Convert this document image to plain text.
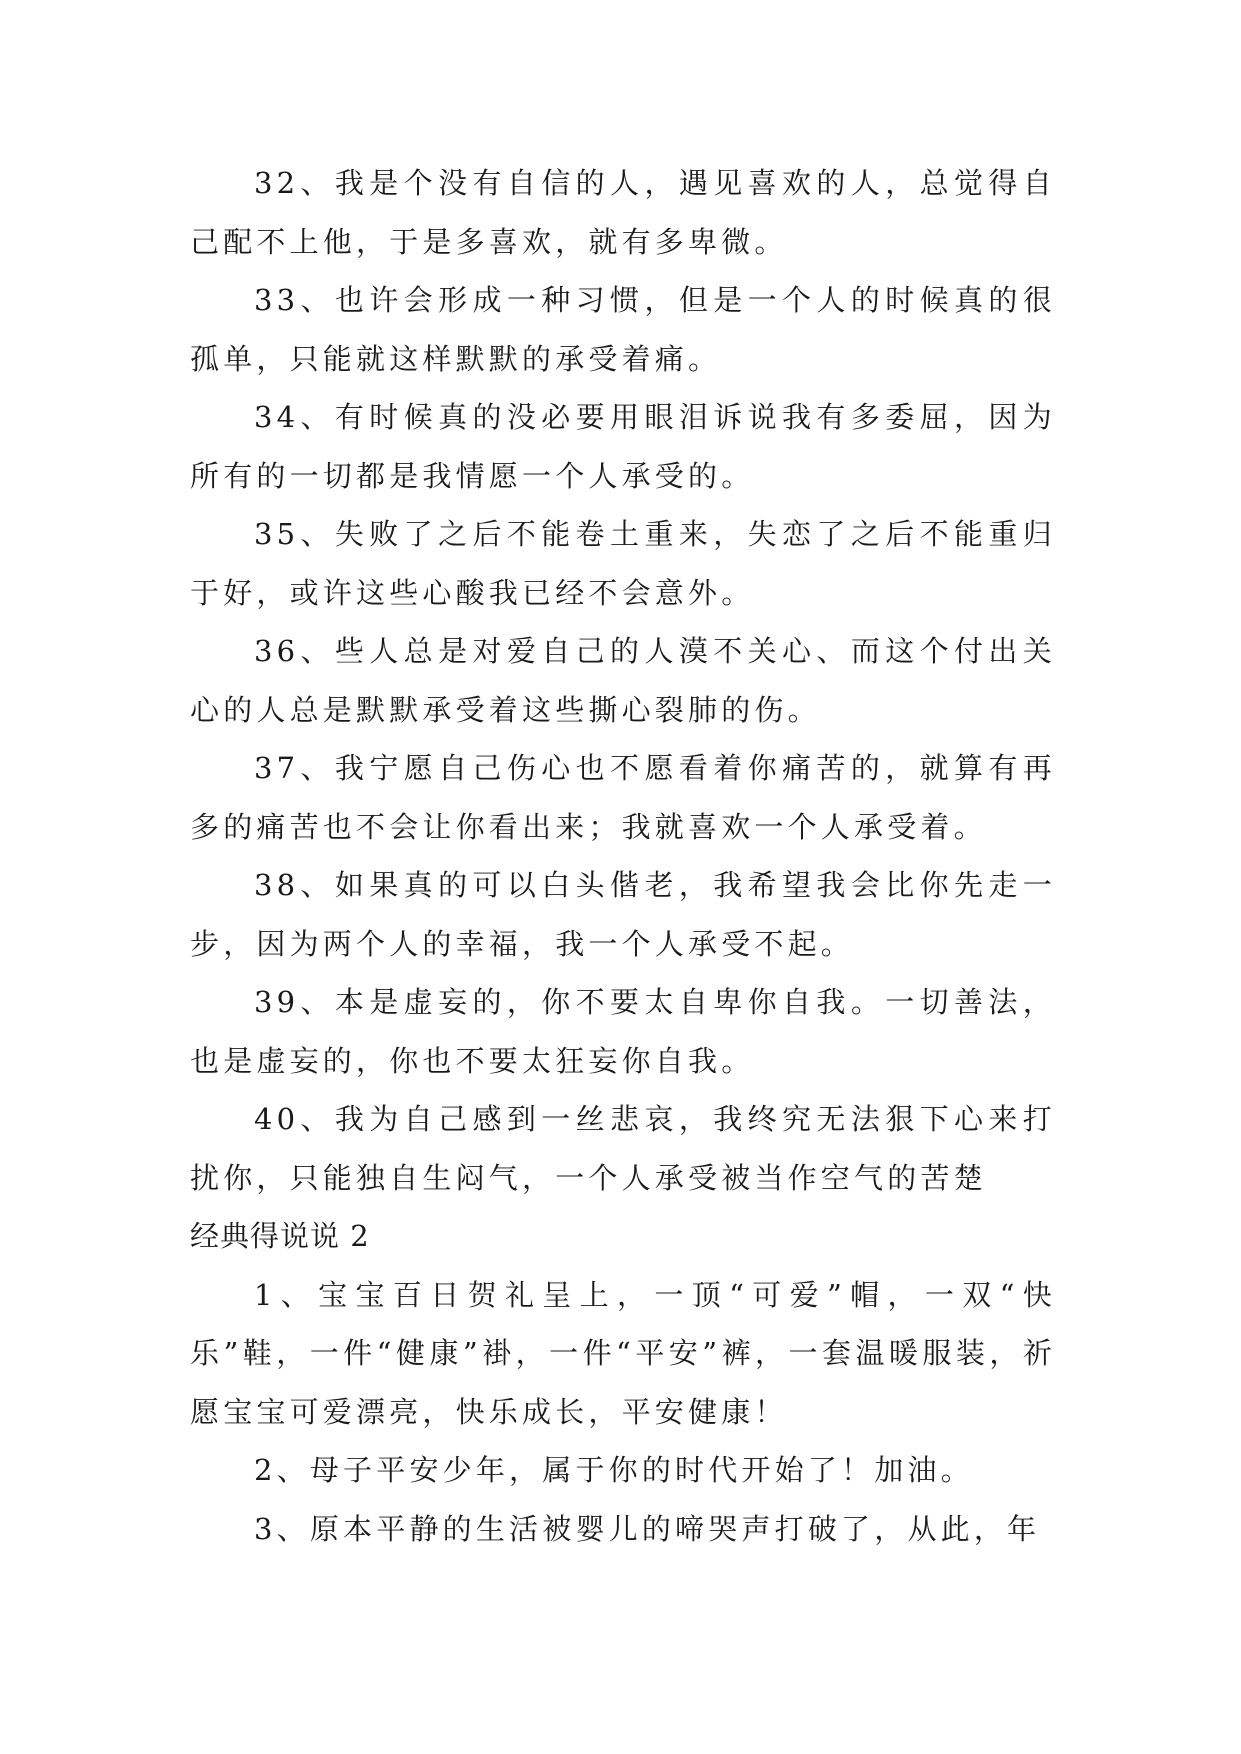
32、我是个没有自信的人，遇见喜欢的人，总觉得自己配不上他，于是多喜欢，就有多卑微。

33、也许会形成一种习惯，但是一个人的时候真的很孤单，只能就这样默默的承受着痛。

34、有时候真的没必要用眼泪诉说我有多委屈，因为所有的一切都是我情愿一个人承受的。

35、失败了之后不能卷土重来，失恋了之后不能重归于好，或许这些心酸我已经不会意外。

36、些人总是对爱自己的人漠不关心、而这个付出关心的人总是默默承受着这些撕心裂肺的伤。

37、我宁愿自己伤心也不愿看着你痛苦的，就算有再多的痛苦也不会让你看出来；我就喜欢一个人承受着。

38、如果真的可以白头偕老，我希望我会比你先走一步，因为两个人的幸福，我一个人承受不起。

39、本是虚妄的，你不要太自卑你自我。一切善法，也是虚妄的，你也不要太狂妄你自我。

40、我为自己感到一丝悲哀，我终究无法狠下心来打扰你，只能独自生闷气，一个人承受被当作空气的苦楚

经典得说说 2

1、宝宝百日贺礼呈上，一顶“可爱”帽，一双“快乐”鞋，一件“健康”褂，一件“平安”裤，一套温暖服装，祈愿宝宝可爱漂亮，快乐成长，平安健康！

2、母子平安少年，属于你的时代开始了！加油。

3、原本平静的生活被婴儿的啼哭声打破了，从此，年
